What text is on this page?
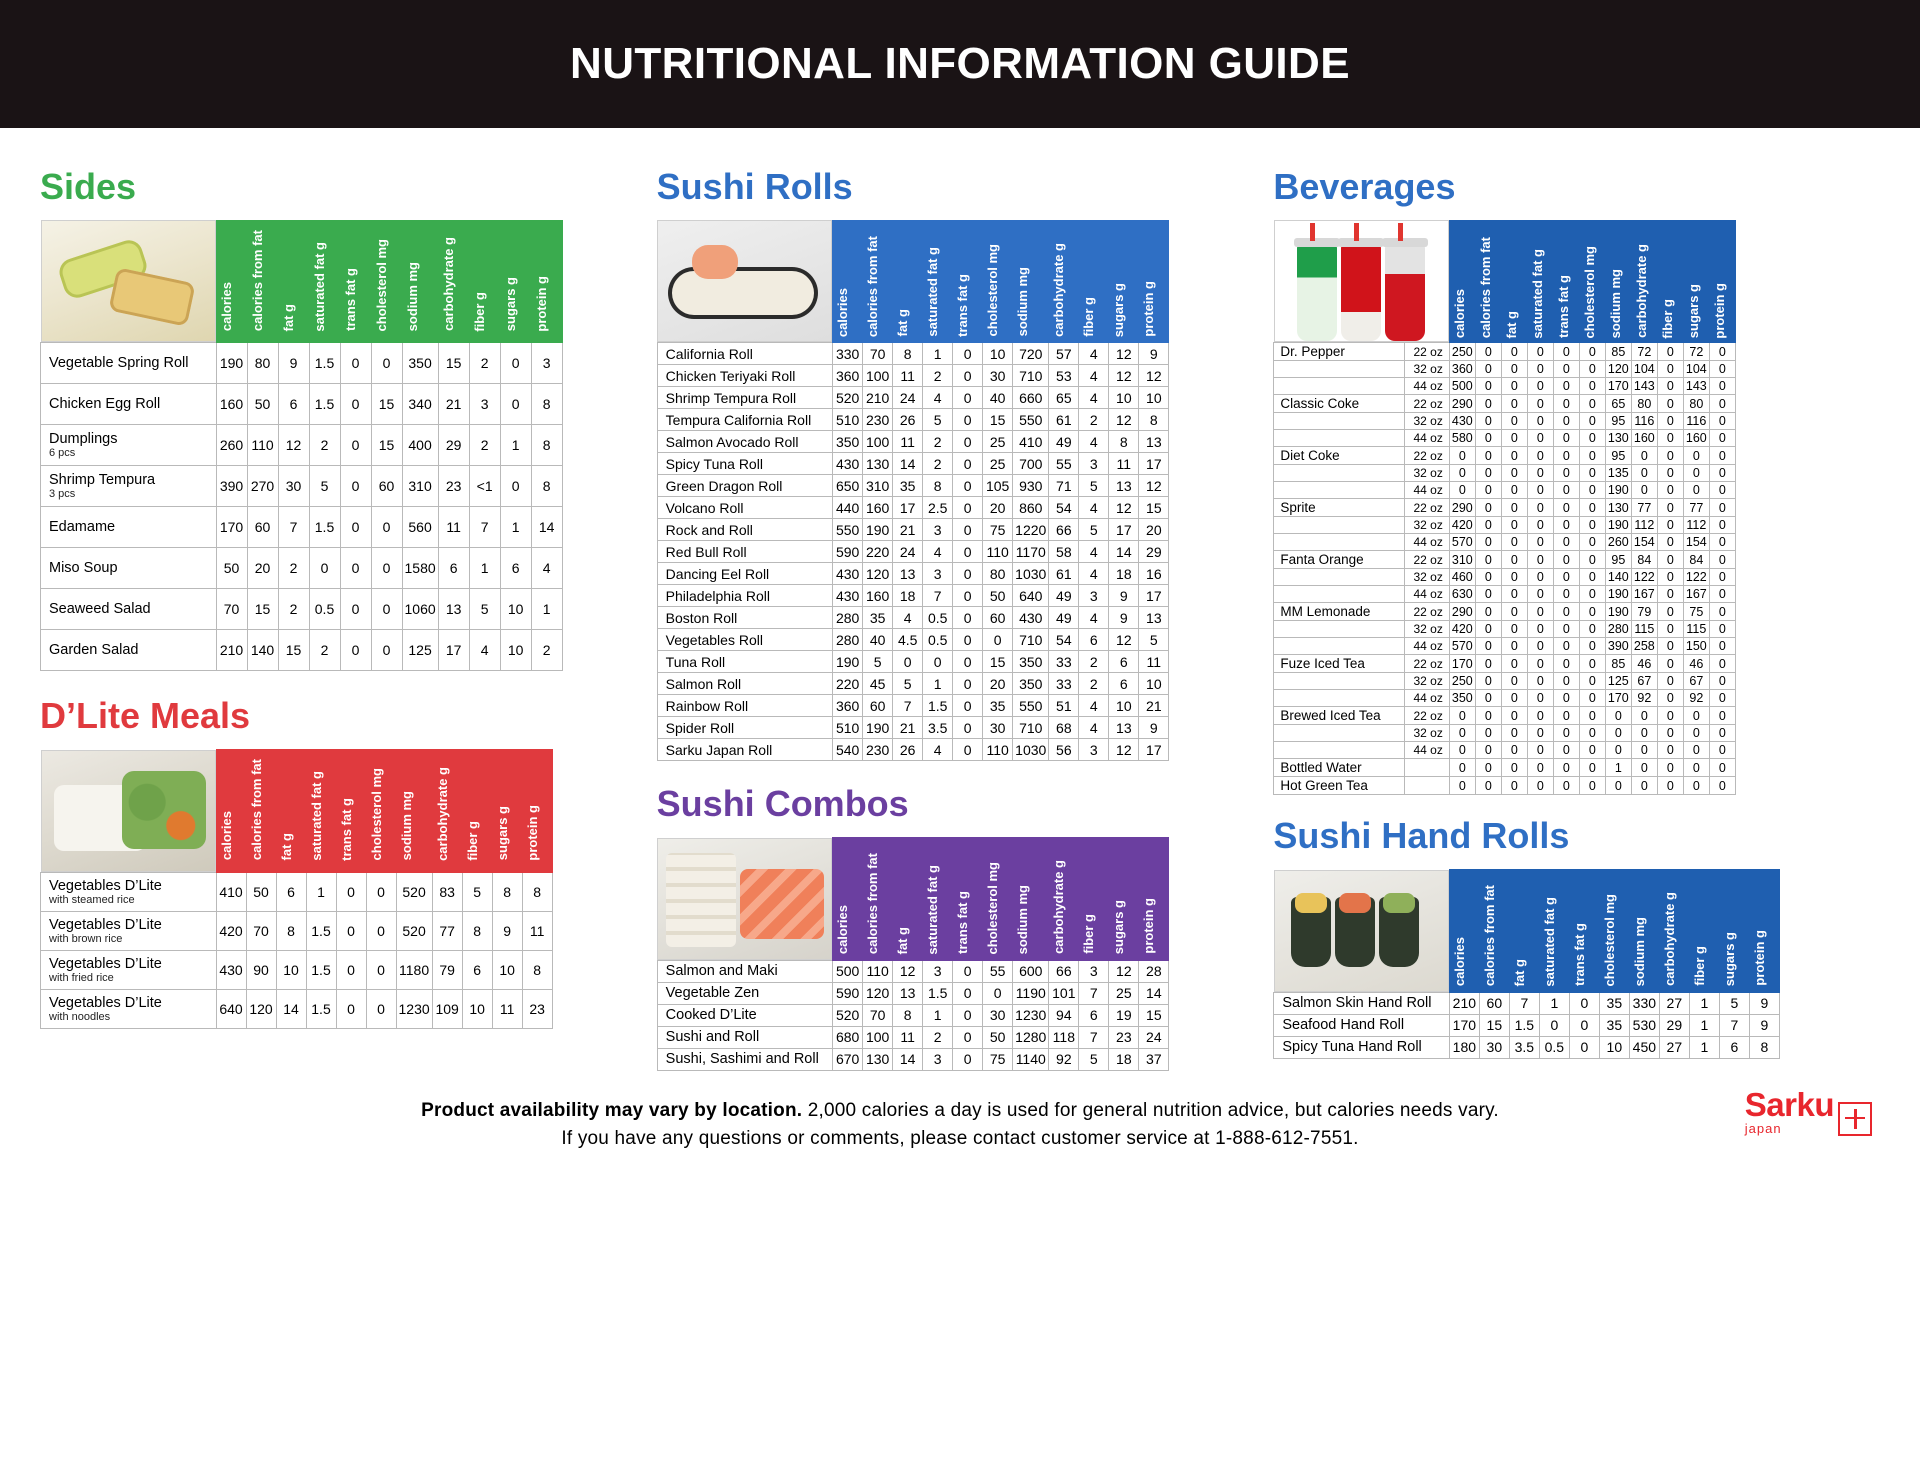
NUTRITIONAL INFORMATION GUIDE
Sides
	calories	calories from fat	fat g	saturated fat g	trans fat g	cholesterol mg	sodium mg	carbohydrate g	fiber g	sugars g	protein g
Vegetable Spring Roll	190	80	9	1.5	0	0	350	15	2	0	3
Chicken Egg Roll	160	50	6	1.5	0	15	340	21	3	0	8
Dumplings
6 pcs	260	110	12	2	0	15	400	29	2	1	8
Shrimp Tempura
3 pcs	390	270	30	5	0	60	310	23	<1	0	8
Edamame	170	60	7	1.5	0	0	560	11	7	1	14
Miso Soup	50	20	2	0	0	0	1580	6	1	6	4
Seaweed Salad	70	15	2	0.5	0	0	1060	13	5	10	1
Garden Salad	210	140	15	2	0	0	125	17	4	10	2
D’Lite Meals
	calories	calories from fat	fat g	saturated fat g	trans fat g	cholesterol mg	sodium mg	carbohydrate g	fiber g	sugars g	protein g
Vegetables D’Lite
with steamed rice	410	50	6	1	0	0	520	83	5	8	8
Vegetables D’Lite
with brown rice	420	70	8	1.5	0	0	520	77	8	9	11
Vegetables D’Lite
with fried rice	430	90	10	1.5	0	0	1180	79	6	10	8
Vegetables D’Lite
with noodles	640	120	14	1.5	0	0	1230	109	10	11	23
Sushi Rolls
	calories	calories from fat	fat g	saturated fat g	trans fat g	cholesterol mg	sodium mg	carbohydrate g	fiber g	sugars g	protein g
California Roll	330	70	8	1	0	10	720	57	4	12	9
Chicken Teriyaki Roll	360	100	11	2	0	30	710	53	4	12	12
Shrimp Tempura Roll	520	210	24	4	0	40	660	65	4	10	10
Tempura California Roll	510	230	26	5	0	15	550	61	2	12	8
Salmon Avocado Roll	350	100	11	2	0	25	410	49	4	8	13
Spicy Tuna Roll	430	130	14	2	0	25	700	55	3	11	17
Green Dragon Roll	650	310	35	8	0	105	930	71	5	13	12
Volcano Roll	440	160	17	2.5	0	20	860	54	4	12	15
Rock and Roll	550	190	21	3	0	75	1220	66	5	17	20
Red Bull Roll	590	220	24	4	0	110	1170	58	4	14	29
Dancing Eel Roll	430	120	13	3	0	80	1030	61	4	18	16
Philadelphia Roll	430	160	18	7	0	50	640	49	3	9	17
Boston Roll	280	35	4	0.5	0	60	430	49	4	9	13
Vegetables Roll	280	40	4.5	0.5	0	0	710	54	6	12	5
Tuna Roll	190	5	0	0	0	15	350	33	2	6	11
Salmon Roll	220	45	5	1	0	20	350	33	2	6	10
Rainbow Roll	360	60	7	1.5	0	35	550	51	4	10	21
Spider Roll	510	190	21	3.5	0	30	710	68	4	13	9
Sarku Japan Roll	540	230	26	4	0	110	1030	56	3	12	17
Sushi Combos
	calories	calories from fat	fat g	saturated fat g	trans fat g	cholesterol mg	sodium mg	carbohydrate g	fiber g	sugars g	protein g
Salmon and Maki	500	110	12	3	0	55	600	66	3	12	28
Vegetable Zen	590	120	13	1.5	0	0	1190	101	7	25	14
Cooked D’Lite	520	70	8	1	0	30	1230	94	6	19	15
Sushi and Roll	680	100	11	2	0	50	1280	118	7	23	24
Sushi, Sashimi and Roll	670	130	14	3	0	75	1140	92	5	18	37
Beverages
		calories	calories from fat	fat g	saturated fat g	trans fat g	cholesterol mg	sodium mg	carbohydrate g	fiber g	sugars g	protein g
Dr. Pepper	22 oz	250	0	0	0	0	0	85	72	0	72	0
	32 oz	360	0	0	0	0	0	120	104	0	104	0
	44 oz	500	0	0	0	0	0	170	143	0	143	0
Classic Coke	22 oz	290	0	0	0	0	0	65	80	0	80	0
	32 oz	430	0	0	0	0	0	95	116	0	116	0
	44 oz	580	0	0	0	0	0	130	160	0	160	0
Diet Coke	22 oz	0	0	0	0	0	0	95	0	0	0	0
	32 oz	0	0	0	0	0	0	135	0	0	0	0
	44 oz	0	0	0	0	0	0	190	0	0	0	0
Sprite	22 oz	290	0	0	0	0	0	130	77	0	77	0
	32 oz	420	0	0	0	0	0	190	112	0	112	0
	44 oz	570	0	0	0	0	0	260	154	0	154	0
Fanta Orange	22 oz	310	0	0	0	0	0	95	84	0	84	0
	32 oz	460	0	0	0	0	0	140	122	0	122	0
	44 oz	630	0	0	0	0	0	190	167	0	167	0
MM Lemonade	22 oz	290	0	0	0	0	0	190	79	0	75	0
	32 oz	420	0	0	0	0	0	280	115	0	115	0
	44 oz	570	0	0	0	0	0	390	258	0	150	0
Fuze Iced Tea	22 oz	170	0	0	0	0	0	85	46	0	46	0
	32 oz	250	0	0	0	0	0	125	67	0	67	0
	44 oz	350	0	0	0	0	0	170	92	0	92	0
Brewed Iced Tea	22 oz	0	0	0	0	0	0	0	0	0	0	0
	32 oz	0	0	0	0	0	0	0	0	0	0	0
	44 oz	0	0	0	0	0	0	0	0	0	0	0
Bottled Water		0	0	0	0	0	0	1	0	0	0	0
Hot Green Tea		0	0	0	0	0	0	0	0	0	0	0
Sushi Hand Rolls
	calories	calories from fat	fat g	saturated fat g	trans fat g	cholesterol mg	sodium mg	carbohydrate g	fiber g	sugars g	protein g
Salmon Skin Hand Roll	210	60	7	1	0	35	330	27	1	5	9
Seafood Hand Roll	170	15	1.5	0	0	35	530	29	1	7	9
Spicy Tuna Hand Roll	180	30	3.5	0.5	0	10	450	27	1	6	8
Product availability may vary by location. 2,000 calories a day is used for general nutrition advice, but calories needs vary.
If you have any questions or comments, please contact customer service at 1-888-612-7551.
Sarku
japan
